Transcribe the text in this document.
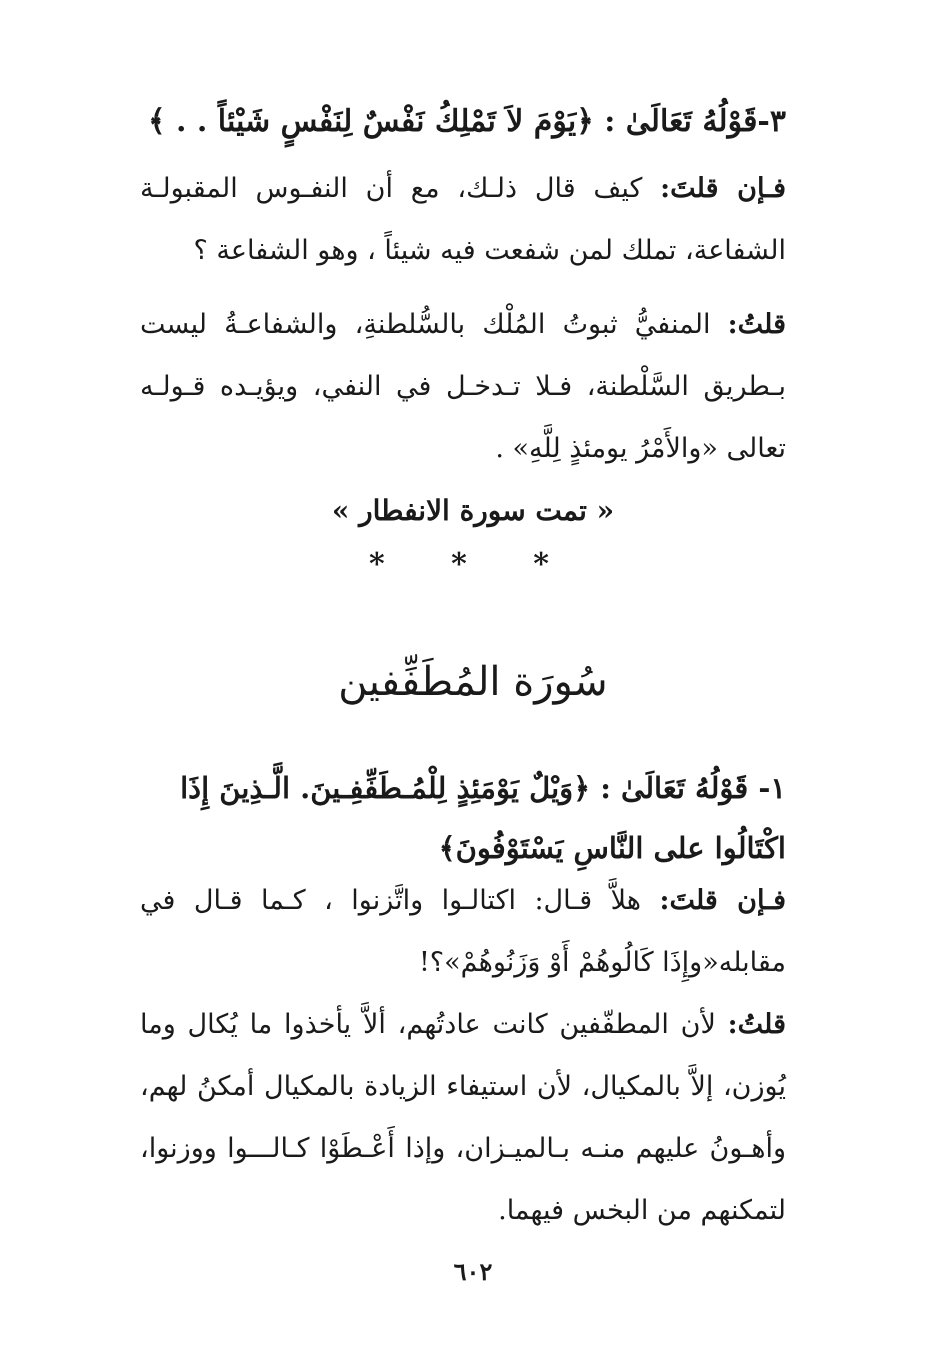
٣-قَوْلُهُ تَعَالَىٰ : ﴿يَوْمَ لاَ تَمْلِكُ نَفْسٌ لِنَفْسٍ شَيْئاً . . ﴾

فـإن قلتَ: كيف قال ذلـك، مع أن النفـوس المقبولـة الشفاعة، تملك لمن شفعت فيه شيئاً ، وهو الشفاعة ؟

قلتُ: المنفيُّ ثبوتُ المُلْك بالسُّلطنةِ، والشفاعـةُ ليست بـطريق السَّلْطنة، فـلا تـدخـل في النفي، ويؤيـده قـولـه تعالى «والأَمْرُ يومئذٍ لِلَّهِ» .

« تمت سورة الانفطار »
* * *
سُورَة المُطَفِّفين
١- قَوْلُهُ تَعَالَىٰ : ﴿وَيْلٌ يَوْمَئِذٍ لِلْمُـطَفِّفِـينَ. الَّـذِينَ إِذَا اكْتَالُوا على النَّاسِ يَسْتَوْفُونَ﴾

فـإن قلتَ: هلاَّ قـال: اكتالـوا واتَّزنوا ، كـما قـال في مقابله«وإِذَا كَالُوهُمْ أَوْ وَزَنُوهُمْ»؟!

قلتُ: لأن المطفّفين كانت عادتُهم، ألاَّ يأخذوا ما يُكال وما يُوزن، إلاَّ بالمكيال، لأن استيفاء الزيادة بالمكيال أمكنُ لهم، وأهـونُ عليهم منـه بـالميـزان، وإذا أَعْـطَوْا كـالـــوا ووزنوا، لتمكنهم من البخس فيهما.

٦٠٢
